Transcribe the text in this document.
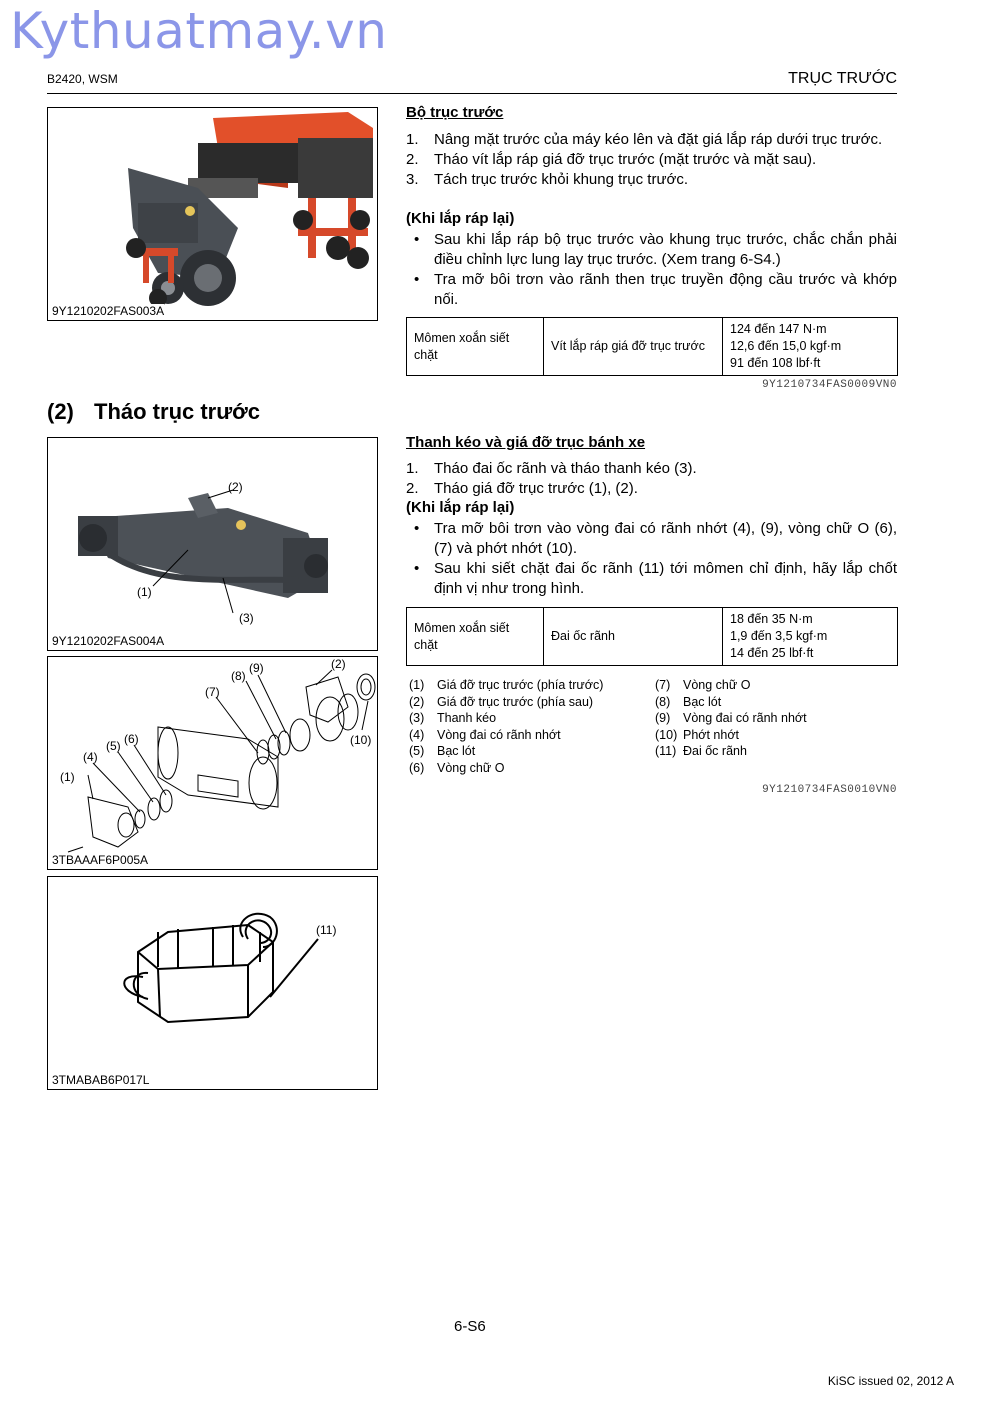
Kythuatmay.vn
B2420, WSM	TRỤC TRƯỚC
9Y1210202FAS003A
Bộ trục trước
1.	Nâng mặt trước của máy kéo lên và đặt giá lắp ráp dưới trục trước.
2.	Tháo vít lắp ráp giá đỡ trục trước (mặt trước và mặt sau).
3.	Tách trục trước khỏi khung trục trước.
(Khi lắp ráp lại)
• Sau khi lắp ráp bộ trục trước vào khung trục trước, chắc chắn phải điều chỉnh lực lung lay trục trước. (Xem trang 6-S4.)
• Tra mỡ bôi trơn vào rãnh then trục truyền động cầu trước và khớp nối.
Mômen xoắn siết chặt	Vít lắp ráp giá đỡ trục trước	
124 đến 147 N·m
12,6 đến 15,0 kgf·m
91 đến 108 lbf·ft
9Y1210734FAS0009VN0
(2) Tháo trục trước
(2)
(1)
(3)
9Y1210202FAS004A
(1)
(2)
(4)
(5) (6)
(7)
(8)
(9)
(10)
3TBAAAF6P005A
(11)
3TMABAB6P017L
Thanh kéo và giá đỡ trục bánh xe
1.	Tháo đai ốc rãnh và tháo thanh kéo (3).
2.	Tháo giá đỡ trục trước (1), (2).
(Khi lắp ráp lại)
• Tra mỡ bôi trơn vào vòng đai có rãnh nhớt (4), (9), vòng chữ O (6), (7) và phớt nhớt (10).
• Sau khi siết chặt đai ốc rãnh (11) tới mômen chỉ định, hãy lắp chốt định vị như trong hình.
Mômen xoắn siết chặt	Đai ốc rãnh	
18 đến 35 N·m
1,9 đến 3,5 kgf·m
14 đến 25 lbf·ft
(1)	Giá đỡ trục trước (phía trước)
(2)	Giá đỡ trục trước (phía sau)
(3)	Thanh kéo
(4)	Vòng đai có rãnh nhớt
(5)	Bạc lót
(6)	Vòng chữ O
(7)	Vòng chữ O
(8)	Bạc lót
(9)	Vòng đai có rãnh nhớt
(10) Phớt nhớt
(11) Đai ốc rãnh
9Y1210734FAS0010VN0
6-S6
KiSC issued 02, 2012 A
